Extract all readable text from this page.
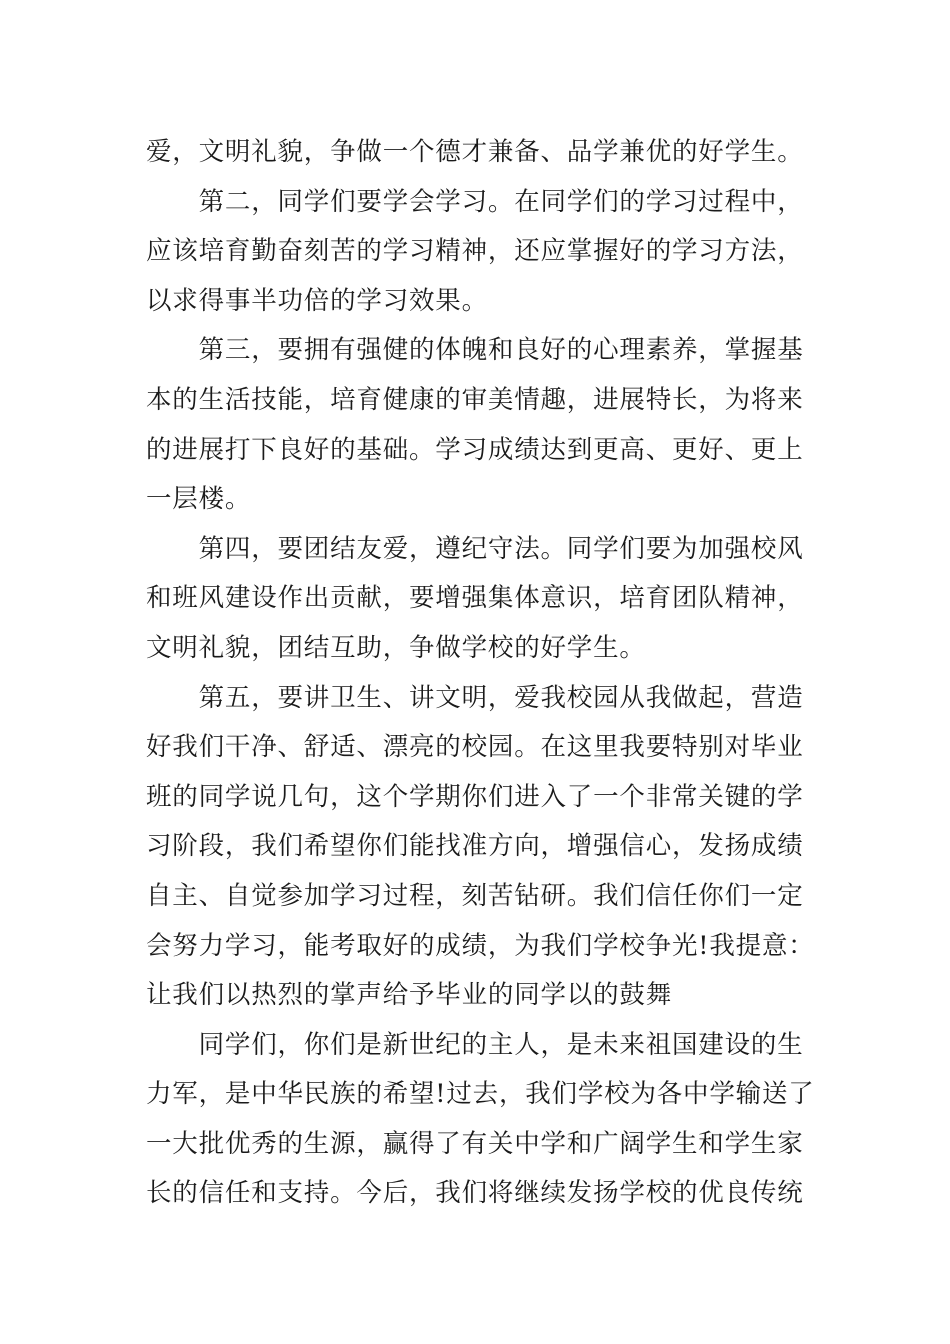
爱，文明礼貌，争做一个德才兼备、品学兼优的好学生。
　　第二，同学们要学会学习。在同学们的学习过程中，
应该培育勤奋刻苦的学习精神，还应掌握好的学习方法，
以求得事半功倍的学习效果。
　　第三，要拥有强健的体魄和良好的心理素养，掌握基
本的生活技能，培育健康的审美情趣，进展特长，为将来
的进展打下良好的基础。学习成绩达到更高、更好、更上
一层楼。
　　第四，要团结友爱，遵纪守法。同学们要为加强校风
和班风建设作出贡献，要增强集体意识，培育团队精神，
文明礼貌，团结互助，争做学校的好学生。
　　第五，要讲卫生、讲文明，爱我校园从我做起，营造
好我们干净、舒适、漂亮的校园。在这里我要特别对毕业
班的同学说几句，这个学期你们进入了一个非常关键的学
习阶段，我们希望你们能找准方向，增强信心，发扬成绩
自主、自觉参加学习过程，刻苦钻研。我们信任你们一定
会努力学习，能考取好的成绩，为我们学校争光!我提意：
让我们以热烈的掌声给予毕业的同学以的鼓舞
　　同学们，你们是新世纪的主人，是未来祖国建设的生
力军，是中华民族的希望!过去，我们学校为各中学输送了
一大批优秀的生源，赢得了有关中学和广阔学生和学生家
长的信任和支持。今后，我们将继续发扬学校的优良传统
